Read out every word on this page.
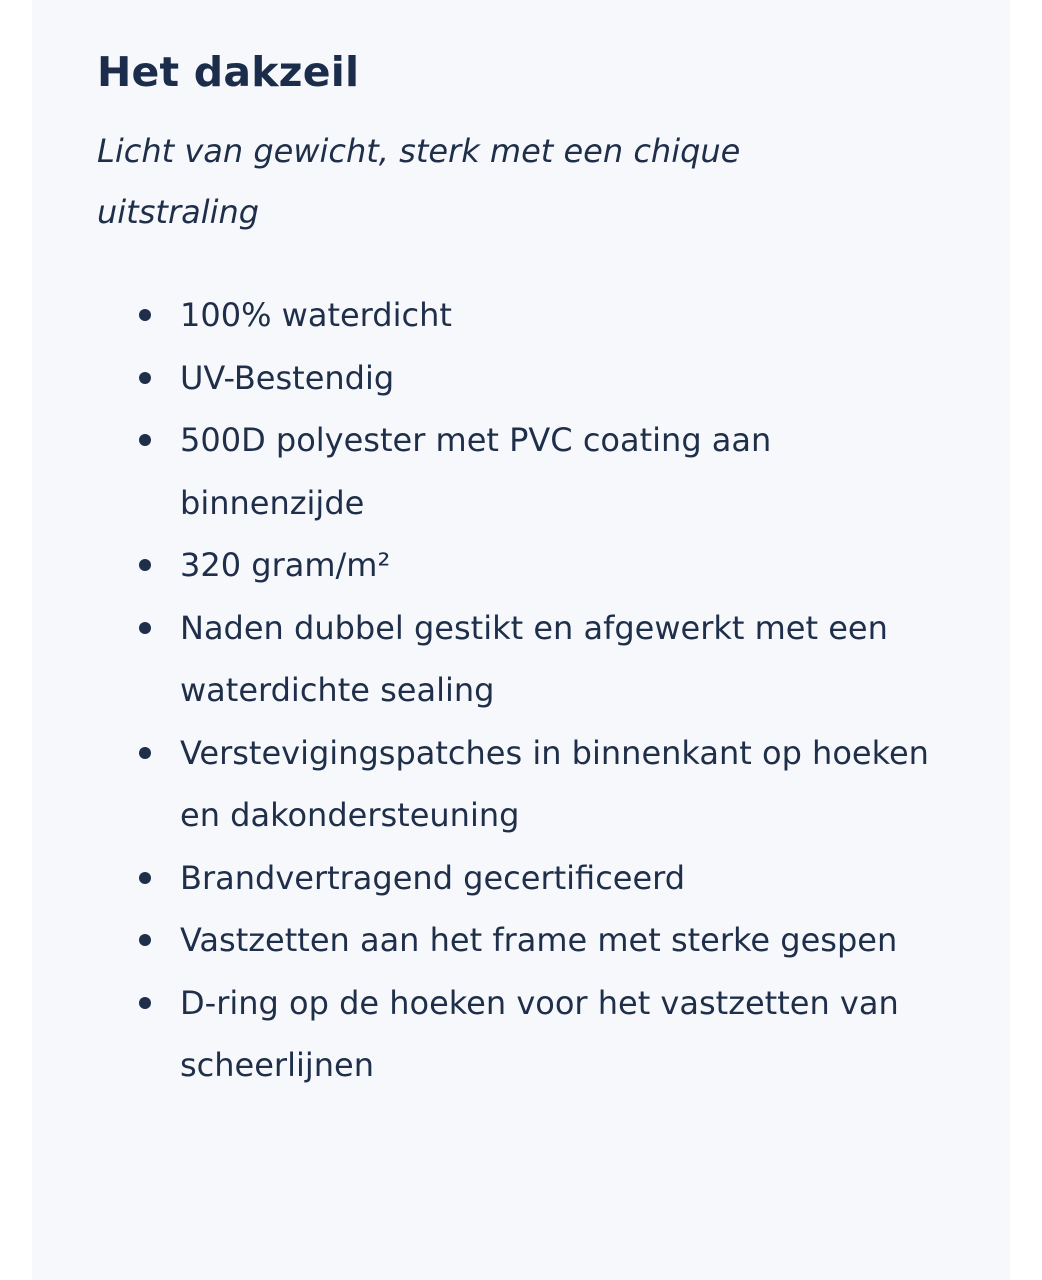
Het dakzeil

Licht van gewicht, sterk met een chique uitstraling

100% waterdicht
UV-Bestendig
500D polyester met PVC coating aan binnenzijde
320 gram/m²
Naden dubbel gestikt en afgewerkt met een waterdichte sealing
Verstevigingspatches in binnenkant op hoeken en dakondersteuning
Brandvertragend gecertificeerd
Vastzetten aan het frame met sterke gespen
D-ring op de hoeken voor het vastzetten van scheerlijnen
